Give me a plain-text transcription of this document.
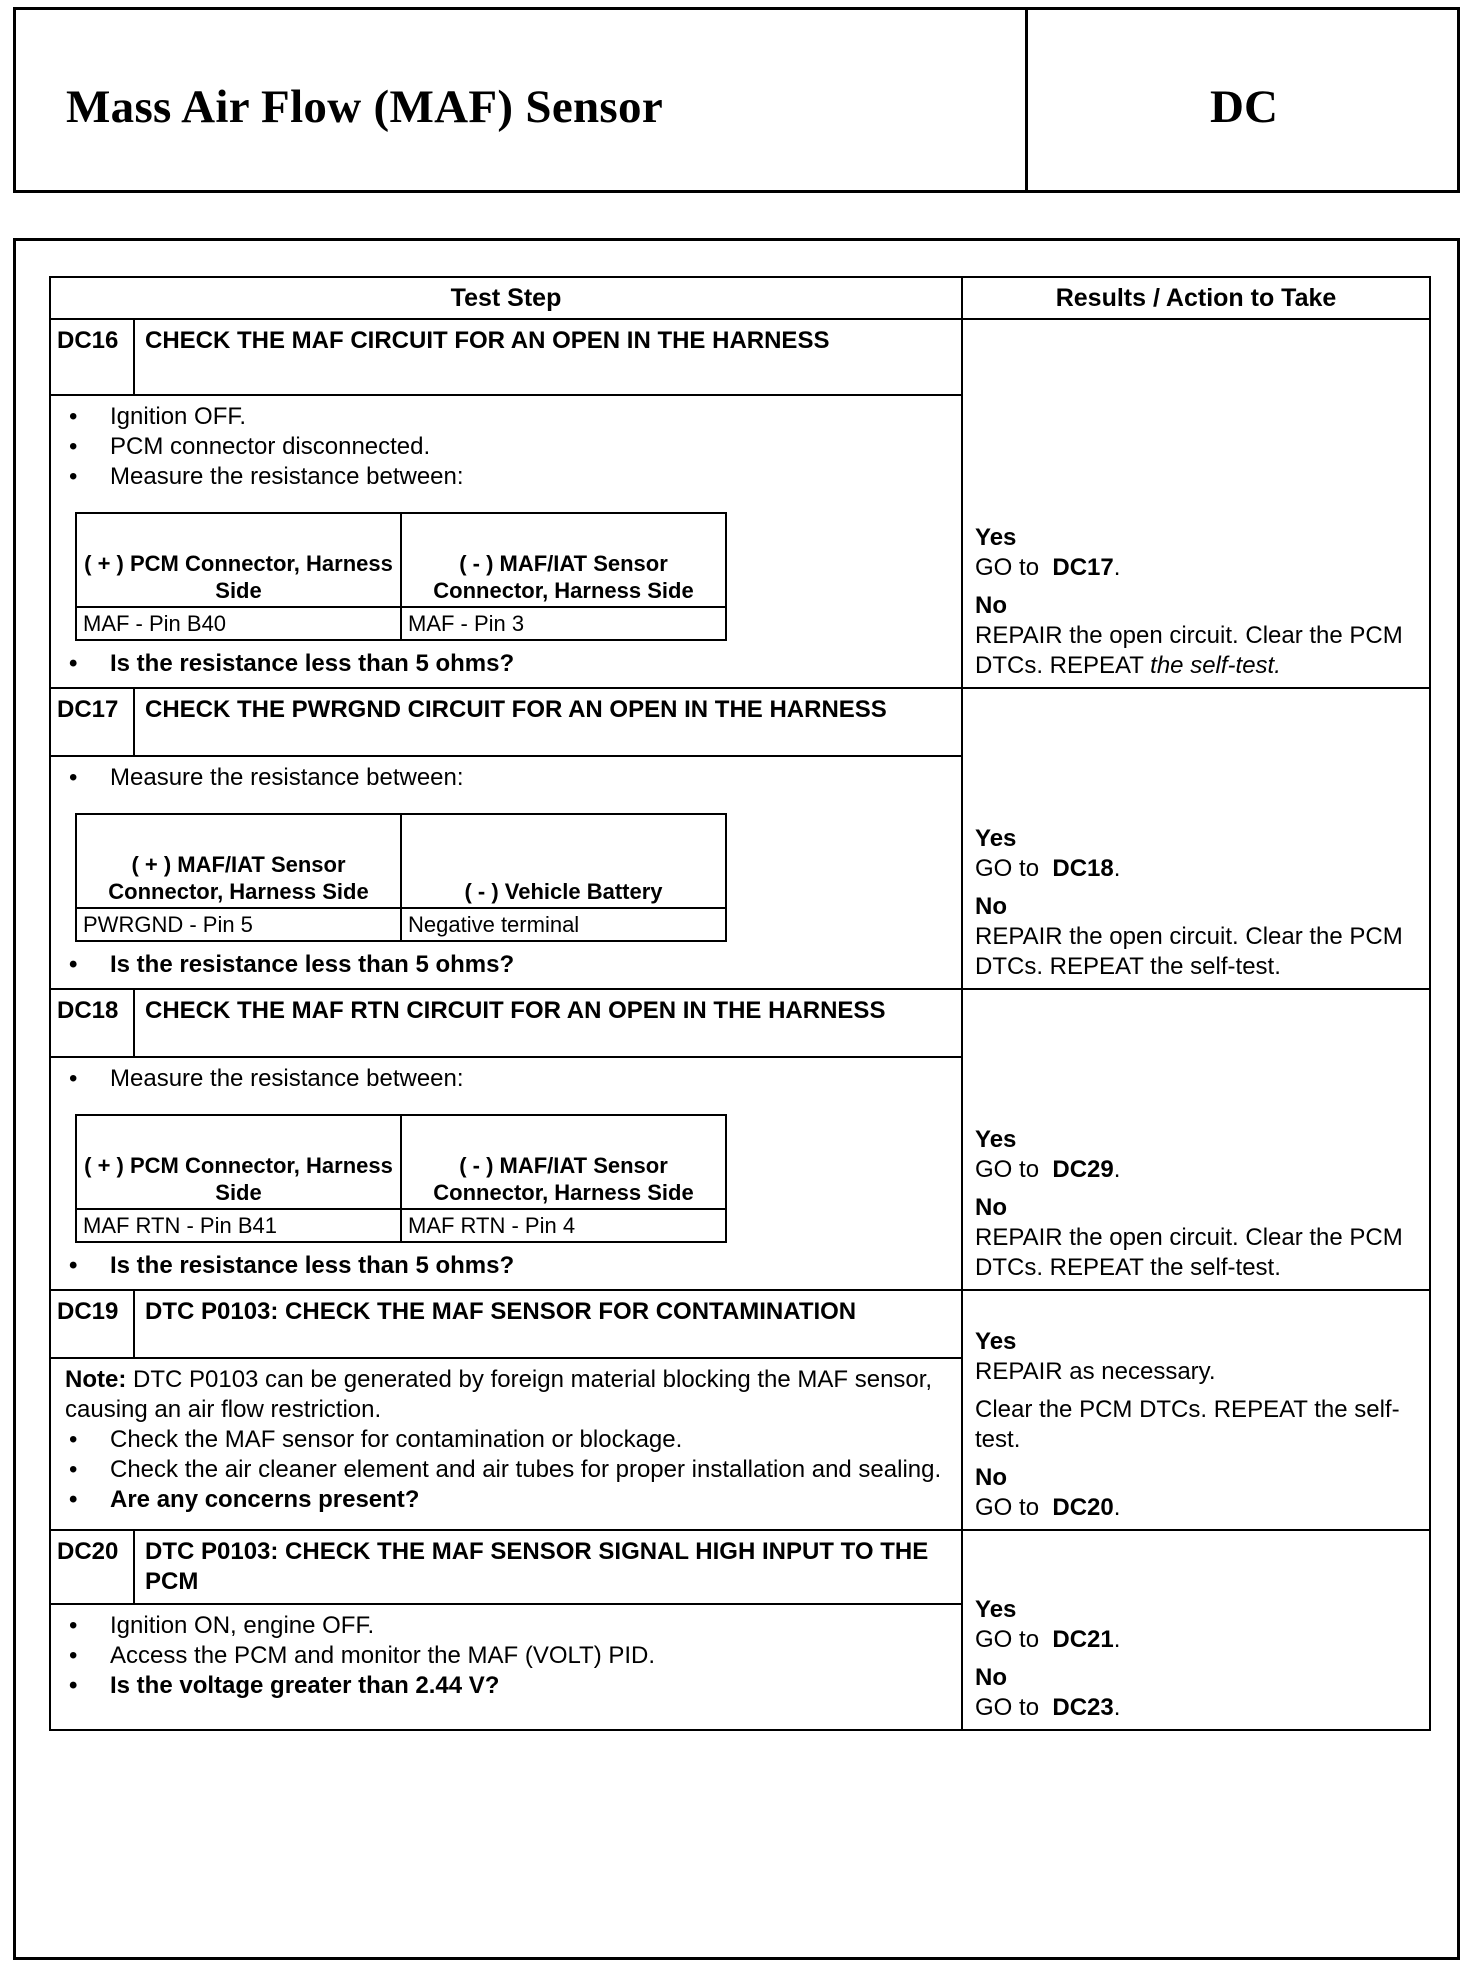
Mass Air Flow (MAF) Sensor	DC
Test Step	Results / Action to Take
DC16	CHECK THE MAF CIRCUIT FOR AN OPEN IN THE HARNESS	
Yes
GO to DC17.
No
REPAIR the open circuit. Clear the PCM DTCs. REPEAT the self-test.

• Ignition OFF.
• PCM connector disconnected.
• Measure the resistance between:
( + ) PCM Connector, Harness Side	( - ) MAF/IAT Sensor Connector, Harness Side
MAF - Pin B40	MAF - Pin 3
• Is the resistance less than 5 ohms?

DC17	CHECK THE PWRGND CIRCUIT FOR AN OPEN IN THE HARNESS	
Yes
GO to DC18.
No
REPAIR the open circuit. Clear the PCM DTCs. REPEAT the self-test.

• Measure the resistance between:
( + ) MAF/IAT Sensor Connector, Harness Side	( - ) Vehicle Battery
PWRGND - Pin 5	Negative terminal
• Is the resistance less than 5 ohms?

DC18	CHECK THE MAF RTN CIRCUIT FOR AN OPEN IN THE HARNESS	
Yes
GO to DC29.
No
REPAIR the open circuit. Clear the PCM DTCs. REPEAT the self-test.

• Measure the resistance between:
( + ) PCM Connector, Harness Side	( - ) MAF/IAT Sensor Connector, Harness Side
MAF RTN - Pin B41	MAF RTN - Pin 4
• Is the resistance less than 5 ohms?

DC19	DTC P0103: CHECK THE MAF SENSOR FOR CONTAMINATION	
Yes
REPAIR as necessary.
Clear the PCM DTCs. REPEAT the self-test.
No
GO to DC20.

Note: DTC P0103 can be generated by foreign material blocking the MAF sensor, causing an air flow restriction.
• Check the MAF sensor for contamination or blockage.
• Check the air cleaner element and air tubes for proper installation and sealing.
• Are any concerns present?

DC20	DTC P0103: CHECK THE MAF SENSOR SIGNAL HIGH INPUT TO THE PCM	
Yes
GO to DC21.
No
GO to DC23.

• Ignition ON, engine OFF.
• Access the PCM and monitor the MAF (VOLT) PID.
• Is the voltage greater than 2.44 V?
